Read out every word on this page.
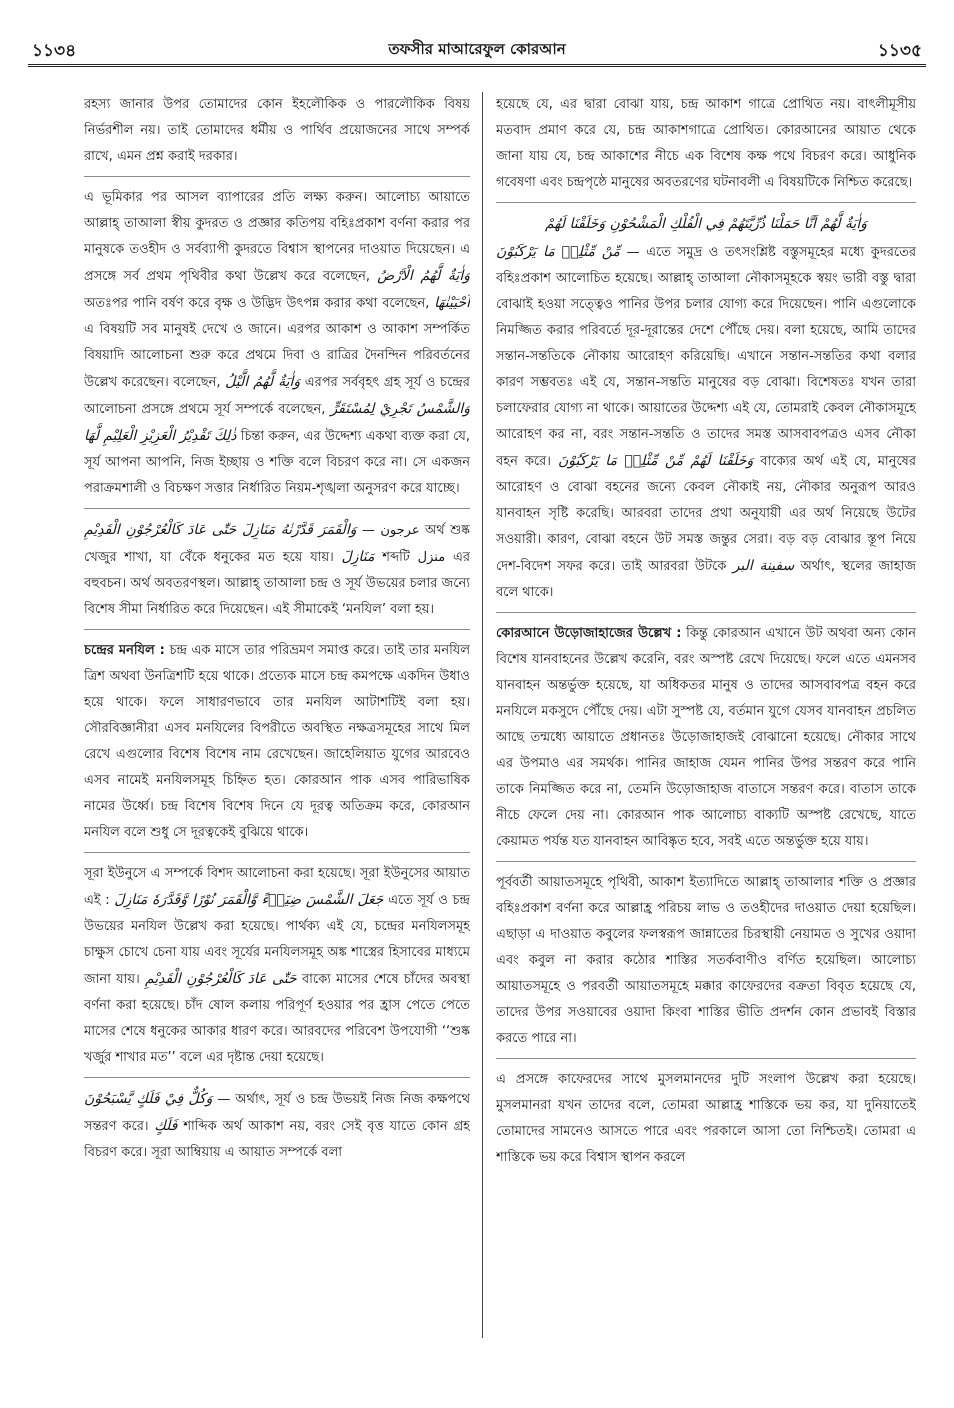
১১৩৪	তফসীর মাআরেফুল কোরআন	১১৩৫

রহস্য জানার উপর তোমাদের কোন ইহলৌকিক ও পারলৌকিক বিষয় নির্ভরশীল নয়। তাই তোমাদের ধর্মীয় ও পার্থিব প্রয়োজনের সাথে সম্পর্ক রাখে, এমন প্রশ্ন করাই দরকার।

এ ভূমিকার পর আসল ব্যাপারের প্রতি লক্ষ্য করুন। আলোচ্য আয়াতে আল্লাহ্ তাআলা স্বীয় কুদরত ও প্রজ্ঞার কতিপয় বহিঃপ্রকাশ বর্ণনা করার পর মানুষকে তওহীদ ও সর্বব্যাপী কুদরতে বিশ্বাস স্থাপনের দাওয়াত দিয়েছেন। এ প্রসঙ্গে সর্ব প্রথম পৃথিবীর কথা উল্লেখ করে বলেছেন, وَاٰيَةٌ لَّهُمُ الْاَرْضُ অতঃপর পানি বর্ষণ করে বৃক্ষ ও উদ্ভিদ উৎপন্ন করার কথা বলেছেন, اَحْيَيْنٰهَا এ বিষয়টি সব মানুষই দেখে ও জানে। এরপর আকাশ ও আকাশ সম্পর্কিত বিষয়াদি আলোচনা শুরু করে প্রথমে দিবা ও রাত্রির দৈনন্দিন পরিবর্তনের উল্লেখ করেছেন। বলেছেন, وَاٰيَةٌ لَّهُمُ الَّيْلُ এরপর সর্ববৃহৎ গ্রহ সূর্য ও চন্দ্রের আলোচনা প্রসঙ্গে প্রথমে সূর্য সম্পর্কে বলেছেন, وَالشَّمْسُ تَجْرِيْ لِمُسْتَقَرٍّ لَّهَا ذٰلِكَ تَقْدِيْرُ الْعَزِيْزِ الْعَلِيْمِ চিন্তা করুন, এর উদ্দেশ্য একথা ব্যক্ত করা যে, সূর্য আপনা আপনি, নিজ ইচ্ছায় ও শক্তি বলে বিচরণ করে না। সে একজন পরাক্রমশালী ও বিচক্ষণ সত্তার নির্ধারিত নিয়ম-শৃঙ্খলা অনুসরণ করে যাচ্ছে।

وَالْقَمَرَ قَدَّرْنٰهُ مَنَازِلَ حَتّٰى عَادَ كَالْعُرْجُوْنِ الْقَدِيْمِ — عرجون অর্থ শুষ্ক খেজুর শাখা, যা বেঁকে ধনুকের মত হয়ে যায়। مَنَازِلَ শব্দটি منزل এর বহুবচন। অর্থ অবতরণস্থল। আল্লাহ্ তাআলা চন্দ্র ও সূর্য উভয়ের চলার জন্যে বিশেষ সীমা নির্ধারিত করে দিয়েছেন। এই সীমাকেই ‘মনযিল’ বলা হয়।

চন্দ্রের মনযিল : চন্দ্র এক মাসে তার পরিভ্রমণ সমাপ্ত করে। তাই তার মনযিল ত্রিশ অথবা উনত্রিশটি হয়ে থাকে। প্রত্যেক মাসে চন্দ্র কমপক্ষে একদিন উধাও হয়ে থাকে। ফলে সাধারণভাবে তার মনযিল আটাশটিই বলা হয়। সৌরবিজ্ঞানীরা এসব মনযিলের বিপরীতে অবস্থিত নক্ষত্রসমূহের সাথে মিল রেখে এগুলোর বিশেষ বিশেষ নাম রেখেছেন। জাহেলিয়াত যুগের আরবেও এসব নামেই মনযিলসমূহ চিহ্নিত হত। কোরআন পাক এসব পারিভাষিক নামের উর্ধ্বে। চন্দ্র বিশেষ বিশেষ দিনে যে দূরত্ব অতিক্রম করে, কোরআন মনযিল বলে শুধু সে দূরত্বকেই বুঝিয়ে থাকে।

সূরা ইউনুসে এ সম্পর্কে বিশদ আলোচনা করা হয়েছে। সূরা ইউনুসের আয়াত এই : جَعَلَ الشَّمْسَ ضِيَاۤءً وَّالْقَمَرَ نُوْرًا وَّقَدَّرَهٗ مَنَازِلَ এতে সূর্য ও চন্দ্র উভয়ের মনযিল উল্লেখ করা হয়েছে। পার্থক্য এই যে, চন্দ্রের মনযিলসমূহ চাক্ষুস চোখে চেনা যায় এবং সূর্যের মনযিলসমূহ অঙ্ক শাস্ত্রের হিসাবের মাধ্যমে জানা যায়। حَتّٰى عَادَ كَالْعُرْجُوْنِ الْقَدِيْمِ বাক্যে মাসের শেষে চাঁদের অবস্থা বর্ণনা করা হয়েছে। চাঁদ ষোল কলায় পরিপূর্ণ হওয়ার পর হ্রাস পেতে পেতে মাসের শেষে ধনুকের আকার ধারণ করে। আরবদের পরিবেশ উপযোগী ‘‘শুষ্ক খর্জুর শাখার মত’’ বলে এর দৃষ্টান্ত দেয়া হয়েছে।

وَكُلٌّ فِيْ فَلَكٍ يَّسْبَحُوْنَ — অর্থাৎ, সূর্য ও চন্দ্র উভয়ই নিজ নিজ কক্ষপথে সন্তরণ করে। فَلَكٍ শাব্দিক অর্থ আকাশ নয়, বরং সেই বৃত্ত যাতে কোন গ্রহ বিচরণ করে। সূরা আম্বিয়ায় এ আয়াত সম্পর্কে বলা

হয়েছে যে, এর দ্বারা বোঝা যায়, চন্দ্র আকাশ গাত্রে প্রোথিত নয়। বাৎলীমূসীয় মতবাদ প্রমাণ করে যে, চন্দ্র আকাশগাত্রে প্রোথিত। কোরআনের আয়াত থেকে জানা যায় যে, চন্দ্র আকাশের নীচে এক বিশেষ কক্ষ পথে বিচরণ করে। আধুনিক গবেষণা এবং চন্দ্রপৃষ্ঠে মানুষের অবতরণের ঘটনাবলী এ বিষয়টিকে নিশ্চিত করেছে।

وَاٰيَةٌ لَّهُمْ اَنَّا حَمَلْنَا ذُرِّيَّتَهُمْ فِي الْفُلْكِ الْمَشْحُوْنِ وَخَلَقْنَا لَهُمْ
مِّنْ مِّثْلِهٖ مَا يَرْكَبُوْنَ — এতে সমুদ্র ও তৎসংশ্লিষ্ট বস্তুসমূহের মধ্যে কুদরতের বহিঃপ্রকাশ আলোচিত হয়েছে। আল্লাহ্ তাআলা নৌকাসমূহকে স্বয়ং ভারী বস্তু দ্বারা বোঝাই হওয়া সত্ত্বেও পানির উপর চলার যোগ্য করে দিয়েছেন। পানি এগুলোকে নিমজ্জিত করার পরিবর্তে দূর-দূরান্তের দেশে পৌঁছে দেয়। বলা হয়েছে, আমি তাদের সন্তান-সন্ততিকে নৌকায় আরোহণ করিয়েছি। এখানে সন্তান-সন্ততির কথা বলার কারণ সম্ভবতঃ এই যে, সন্তান-সন্ততি মানুষের বড় বোঝা। বিশেষতঃ যখন তারা চলাফেরার যোগ্য না থাকে। আয়াতের উদ্দেশ্য এই যে, তোমরাই কেবল নৌকাসমূহে আরোহণ কর না, বরং সন্তান-সন্ততি ও তাদের সমস্ত আসবাবপত্রও এসব নৌকা বহন করে। وَخَلَقْنَا لَهُمْ مِّنْ مِّثْلِهٖ مَا يَرْكَبُوْنَ বাক্যের অর্থ এই যে, মানুষের আরোহণ ও বোঝা বহনের জন্যে কেবল নৌকাই নয়, নৌকার অনুরূপ আরও যানবাহন সৃষ্টি করেছি। আরবরা তাদের প্রথা অনুযায়ী এর অর্থ নিয়েছে উটের সওয়ারী। কারণ, বোঝা বহনে উট সমস্ত জন্তুর সেরা। বড় বড় বোঝার স্তূপ নিয়ে দেশ-বিদেশ সফর করে। তাই আরবরা উটকে سفينة البر অর্থাৎ, স্থলের জাহাজ বলে থাকে।

কোরআনে উড়োজাহাজের উল্লেখ : কিন্তু কোরআন এখানে উট অথবা অন্য কোন বিশেষ যানবাহনের উল্লেখ করেনি, বরং অস্পষ্ট রেখে দিয়েছে। ফলে এতে এমনসব যানবাহন অন্তর্ভুক্ত হয়েছে, যা অধিকতর মানুষ ও তাদের আসবাবপত্র বহন করে মনযিলে মকসুদে পৌঁছে দেয়। এটা সুস্পষ্ট যে, বর্তমান যুগে যেসব যানবাহন প্রচলিত আছে তন্মধ্যে আয়াতে প্রধানতঃ উড়োজাহাজই বোঝানো হয়েছে। নৌকার সাথে এর উপমাও এর সমর্থক। পানির জাহাজ যেমন পানির উপর সন্তরণ করে পানি তাকে নিমজ্জিত করে না, তেমনি উড়োজাহাজ বাতাসে সন্তরণ করে। বাতাস তাকে নীচে ফেলে দেয় না। কোরআন পাক আলোচ্য বাক্যটি অস্পষ্ট রেখেছে, যাতে কেয়ামত পর্যন্ত যত যানবাহন আবিষ্কৃত হবে, সবই এতে অন্তর্ভুক্ত হয়ে যায়।

পূর্ববর্তী আয়াতসমূহে পৃথিবী, আকাশ ইত্যাদিতে আল্লাহ্ তাআলার শক্তি ও প্রজ্ঞার বহিঃপ্রকাশ বর্ণনা করে আল্লাহ্র পরিচয় লাভ ও তওহীদের দাওয়াত দেয়া হয়েছিল। এছাড়া এ দাওয়াত কবুলের ফলস্বরূপ জান্নাতের চিরস্থায়ী নেয়ামত ও সুখের ওয়াদা এবং কবুল না করার কঠোর শাস্তির সতর্কবাণীও বর্ণিত হয়েছিল। আলোচ্য আয়াতসমূহে ও পরবর্তী আয়াতসমূহে মক্কার কাফেরদের বক্রতা বিবৃত হয়েছে যে, তাদের উপর সওয়াবের ওয়াদা কিংবা শাস্তির ভীতি প্রদর্শন কোন প্রভাবই বিস্তার করতে পারে না।

এ প্রসঙ্গে কাফেরদের সাথে মুসলমানদের দুটি সংলাপ উল্লেখ করা হয়েছে। মুসলমানরা যখন তাদের বলে, তোমরা আল্লাহ্র শাস্তিকে ভয় কর, যা দুনিয়াতেই তোমাদের সামনেও আসতে পারে এবং পরকালে আসা তো নিশ্চিতই। তোমরা এ শাস্তিকে ভয় করে বিশ্বাস স্থাপন করলে
